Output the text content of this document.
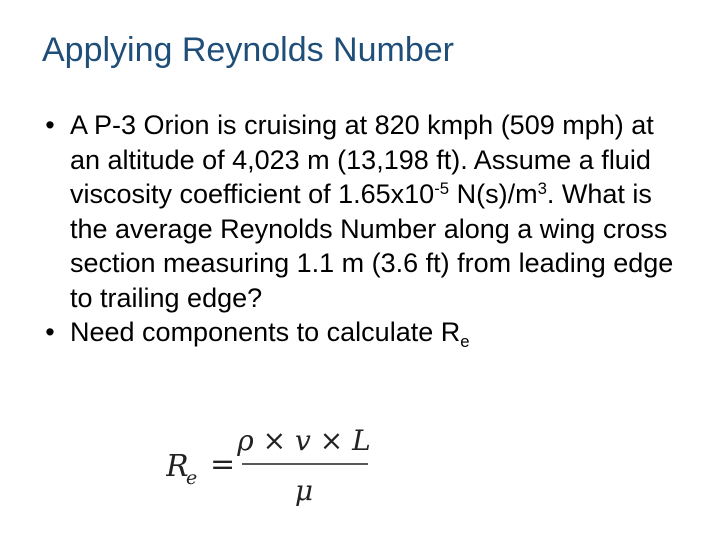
Applying Reynolds Number
• A P-3 Orion is cruising at 820 kmph (509 mph) at an altitude of 4,023 m (13,198 ft). Assume a fluid viscosity coefficient of $1.65x10^{-5}$ $N(s)/m^3$. What is the average Reynolds Number along a wing cross section measuring 1.1 m (3.6 ft) from leading edge to trailing edge?
• Need components to calculate $R_e$
R
e =
ρ × v × L
μ
